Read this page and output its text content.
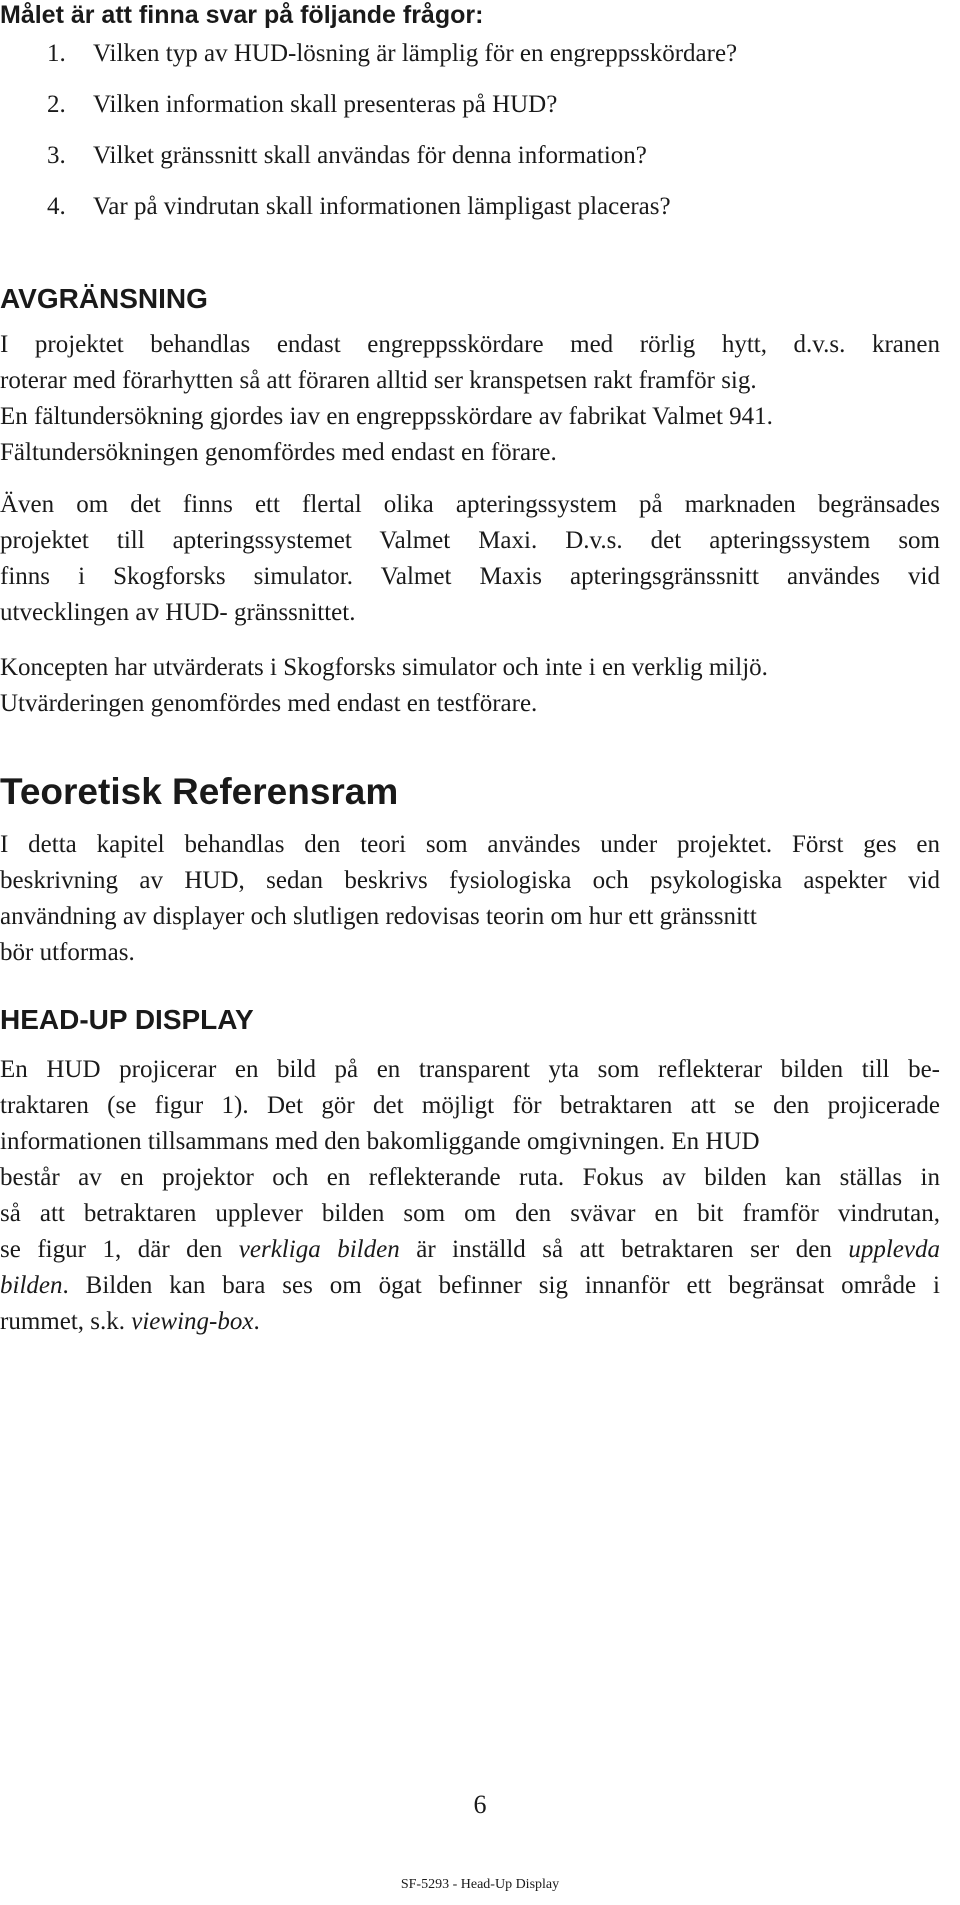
Målet är att finna svar på följande frågor:
1. Vilken typ av HUD-lösning är lämplig för en engreppsskördare?
2. Vilken information skall presenteras på HUD?
3. Vilket gränssnitt skall användas för denna information?
4. Var på vindrutan skall informationen lämpligast placeras?
AVGRÄNSNING
I projektet behandlas endast engreppsskördare med rörlig hytt, d.v.s. kranen
roterar med förarhytten så att föraren alltid ser kranspetsen rakt framför sig.
En fältundersökning gjordes iav en engreppsskördare av fabrikat Valmet 941.
Fältundersökningen genomfördes med endast en förare.
Även om det finns ett flertal olika apteringssystem på marknaden begränsades
projektet till apteringssystemet Valmet Maxi. D.v.s. det apteringssystem som
finns i Skogforsks simulator. Valmet Maxis apteringsgränssnitt användes vid
utvecklingen av HUD- gränssnittet.
Koncepten har utvärderats i Skogforsks simulator och inte i en verklig miljö.
Utvärderingen genomfördes med endast en testförare.
Teoretisk Referensram
I detta kapitel behandlas den teori som användes under projektet. Först ges en
beskrivning av HUD, sedan beskrivs fysiologiska och psykologiska aspekter vid
användning av displayer och slutligen redovisas teorin om hur ett gränssnitt
bör utformas.
HEAD-UP DISPLAY
En HUD projicerar en bild på en transparent yta som reflekterar bilden till be-
traktaren (se figur 1). Det gör det möjligt för betraktaren att se den projicerade
informationen tillsammans med den bakomliggande omgivningen. En HUD
består av en projektor och en reflekterande ruta. Fokus av bilden kan ställas in
så att betraktaren upplever bilden som om den svävar en bit framför vindrutan,
se figur 1, där den verkliga bilden är inställd så att betraktaren ser den upplevda
bilden. Bilden kan bara ses om ögat befinner sig innanför ett begränsat område i
rummet, s.k. viewing-box.
6
SF-5293 - Head-Up Display
